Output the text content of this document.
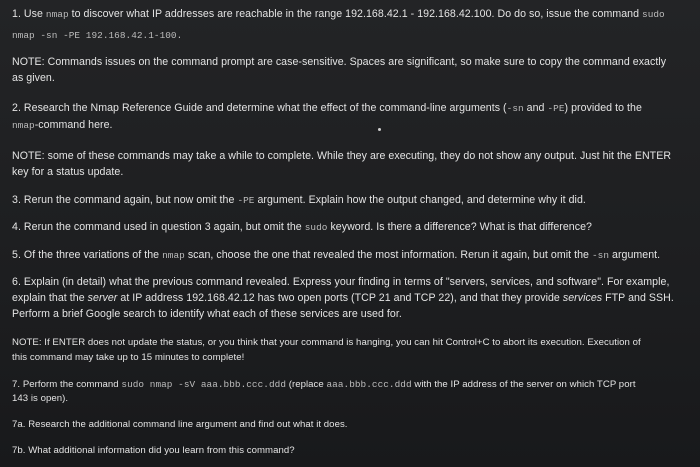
1. Use nmap to discover what IP addresses are reachable in the range 192.168.42.1 - 192.168.42.100. Do do so, issue the command sudo
nmap -sn -PE 192.168.42.1-100.
NOTE: Commands issues on the command prompt are case-sensitive. Spaces are significant, so make sure to copy the command exactly
as given.
2. Research the Nmap Reference Guide and determine what the effect of the command-line arguments (-sn and -PE) provided to the
nmap-command here.
NOTE: some of these commands may take a while to complete. While they are executing, they do not show any output. Just hit the ENTER
key for a status update.
3. Rerun the command again, but now omit the -PE argument. Explain how the output changed, and determine why it did.
4. Rerun the command used in question 3 again, but omit the sudo keyword. Is there a difference? What is that difference?
5. Of the three variations of the nmap scan, choose the one that revealed the most information. Rerun it again, but omit the -sn argument.
6. Explain (in detail) what the previous command revealed. Express your finding in terms of "servers, services, and software". For example,
explain that the server at IP address 192.168.42.12 has two open ports (TCP 21 and TCP 22), and that they provide services FTP and SSH.
Perform a brief Google search to identify what each of these services are used for.
NOTE: If ENTER does not update the status, or you think that your command is hanging, you can hit Control+C to abort its execution. Execution of
this command may take up to 15 minutes to complete!
7. Perform the command sudo nmap -sV aaa.bbb.ccc.ddd (replace aaa.bbb.ccc.ddd with the IP address of the server on which TCP port
143 is open).
7a. Research the additional command line argument and find out what it does.
7b. What additional information did you learn from this command?
